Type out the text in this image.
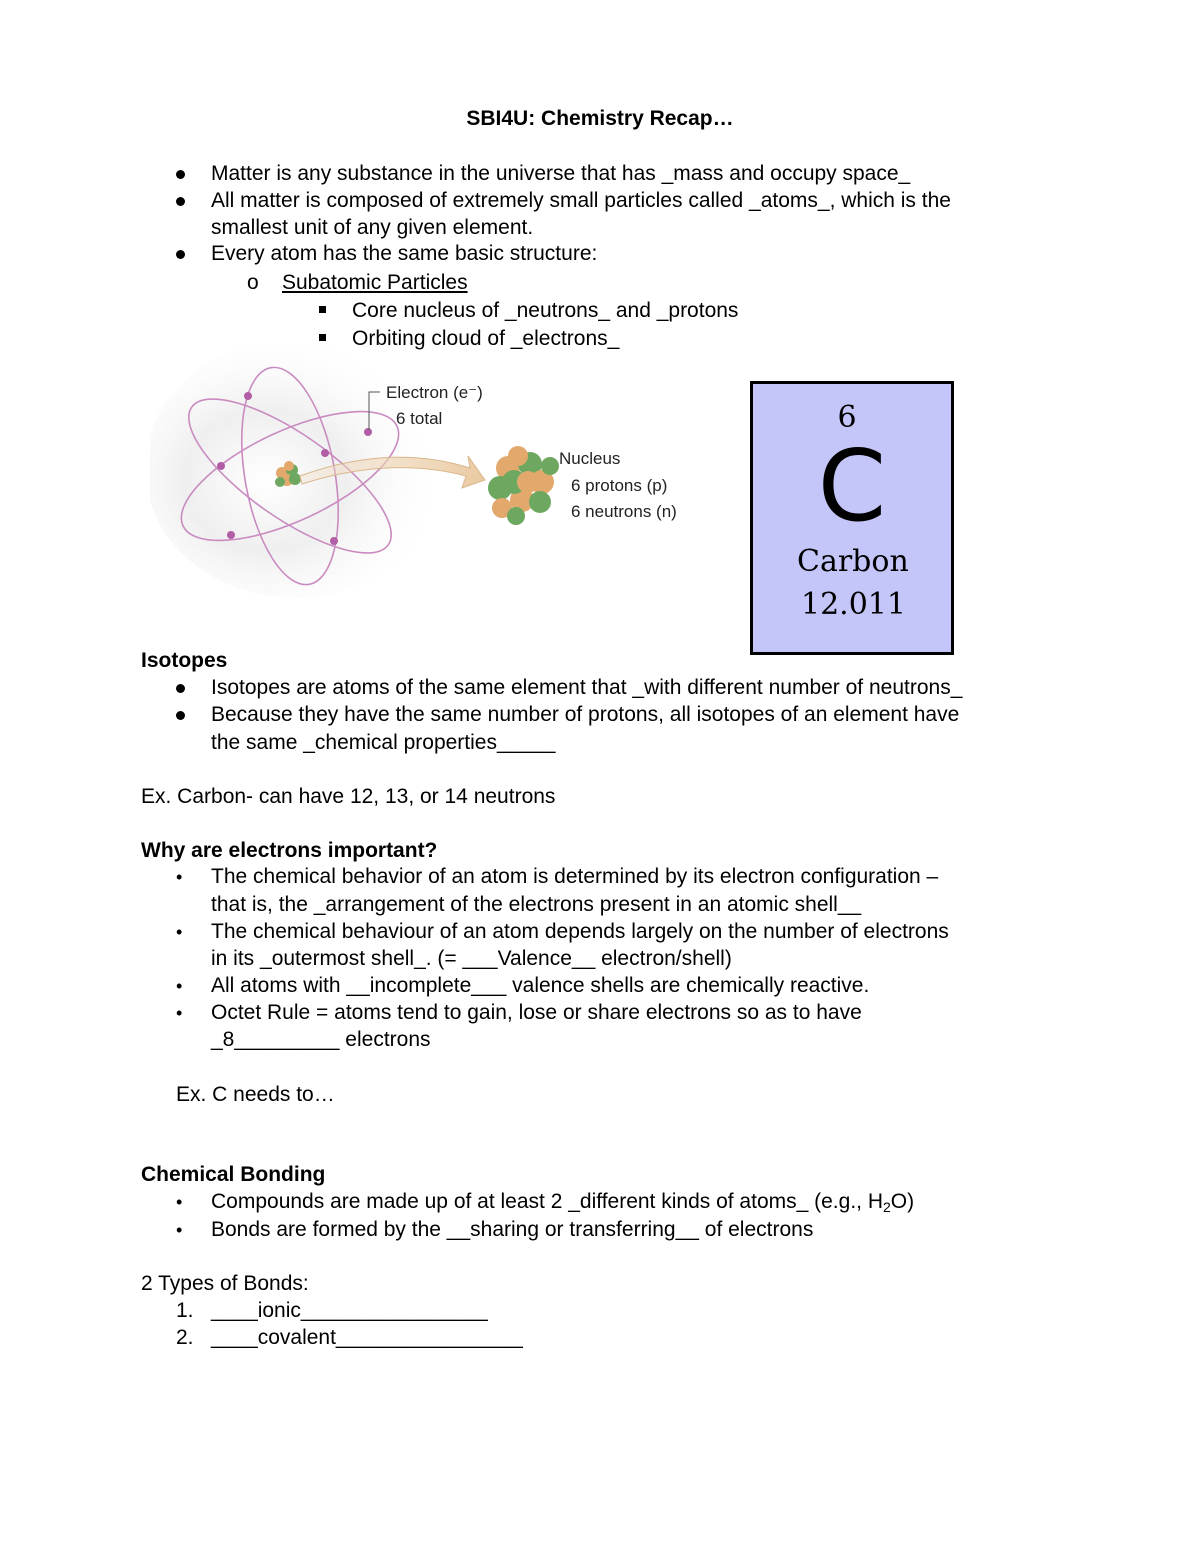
SBI4U: Chemistry Recap…
Matter is any substance in the universe that has _mass and occupy space_
All matter is composed of extremely small particles called _atoms_, which is the
smallest unit of any given element.
Every atom has the same basic structure:
o Subatomic Particles
Core nucleus of _neutrons_ and _protons
Orbiting cloud of _electrons_
Electron (e⁻)
6 total
Nucleus
6 protons (p)
6 neutrons (n)
6
C
Carbon
12.011
Isotopes
Isotopes are atoms of the same element that _with different number of neutrons_
Because they have the same number of protons, all isotopes of an element have
the same _chemical properties_____
Ex. Carbon- can have 12, 13, or 14 neutrons
Why are electrons important?
• The chemical behavior of an atom is determined by its electron configuration –
that is, the _arrangement of the electrons present in an atomic shell__
• The chemical behaviour of an atom depends largely on the number of electrons
in its _outermost shell_. (= ___Valence__ electron/shell)
• All atoms with __incomplete___ valence shells are chemically reactive.
• Octet Rule = atoms tend to gain, lose or share electrons so as to have
_8_________ electrons
Ex. C needs to…
Chemical Bonding
• Compounds are made up of at least 2 _different kinds of atoms_ (e.g., $H_2O$)
• Bonds are formed by the __sharing or transferring__ of electrons
2 Types of Bonds:
1. ____ionic________________
2. ____covalent________________
